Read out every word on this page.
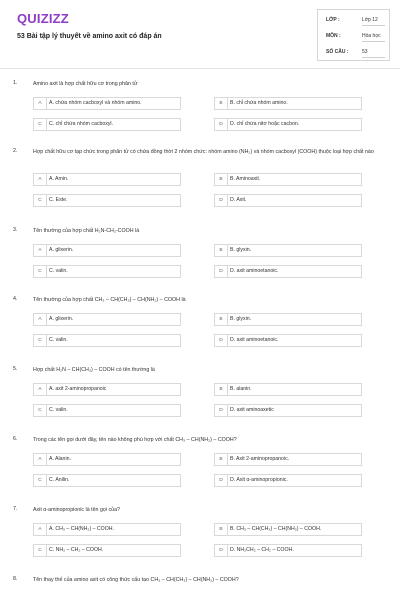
QUIZIZZ
53 Bài tập lý thuyết về amino axit có đáp án
LỚP :	Lớp 12
MÔN :	Hóa học
SỐ CÂU :	53
1.	Amino axit là hợp chất hữu cơ trong phân tử
A	A. chứa nhóm cacboxyl và nhóm amino.	B	B. chỉ chứa nhóm amino.
C	C. chỉ chứa nhóm cacboxyl.	D	D. chỉ chứa nitơ hoặc cacbon.
2.	Hợp chất hữu cơ tạp chức trong phân tử có chứa đồng thời 2 nhóm chức: nhóm amino (NH₂) và nhóm cacboxyl (COOH) thuộc loại hợp chất nào
A	A. Amin.	B	B. Aminoaxit.
C	C. Este.	D	D. Axit.
3.	Tên thường của hợp chất H₂N-CH₂-COOH là
A	A. glixerin.	B	B. glyxin.
C	C. valin.	D	D. axit aminoetanoic.
4.	Tên thường của hợp chất CH₃ – CH(CH₃) – CH(NH₂) – COOH là
A	A. glixerin.	B	B. glyxin.
C	C. valin.	D	D. axit aminoetanoic.
5.	Hợp chất H₂N – CH(CH₃) – COOH có tên thường là
A	A. axit 2-aminopropanoic	B	B. alanin.
C	C. valin.	D	D. axit aminoaxetic
6.	Trong các tên gọi dưới đây, tên nào không phù hợp với chất CH₃ – CH(NH₂) – COOH?
A	A. Alanin.	B	B. Axit 2-aminopropanoic.
C	C. Anilin.	D	D. Axit α-aminopropionic.
7.	Axit α-aminopropionic là tên gọi của?
A	A. CH₃ – CH(NH₂) – COOH.	B	B. CH₃ – CH(CH₃) – CH(NH₂) – COOH.
C	C. NH₂ – CH₂ – COOH.	D	D. NH₂CH₂ – CH₂ – COOH.
8.	Tên thay thế của amino axit có công thức cấu tạo CH₃ – CH(CH₃) – CH(NH₂) – COOH?
